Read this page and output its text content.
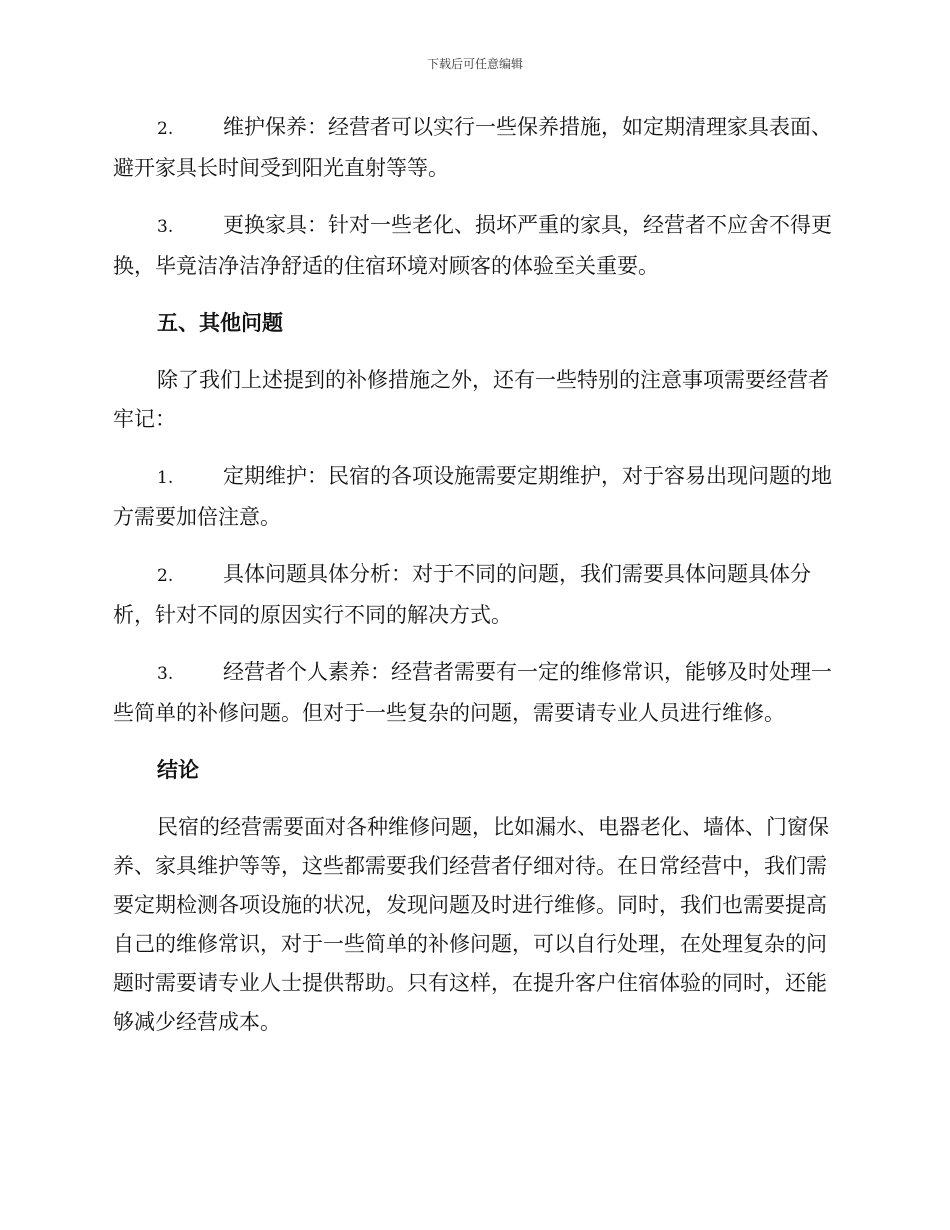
下载后可任意编辑

2. 维护保养：经营者可以实行一些保养措施，如定期清理家具表面、避开家具长时间受到阳光直射等等。

3. 更换家具：针对一些老化、损坏严重的家具，经营者不应舍不得更换，毕竟洁净洁净舒适的住宿环境对顾客的体验至关重要。

五、其他问题

除了我们上述提到的补修措施之外，还有一些特别的注意事项需要经营者牢记：

1. 定期维护：民宿的各项设施需要定期维护，对于容易出现问题的地方需要加倍注意。

2. 具体问题具体分析：对于不同的问题，我们需要具体问题具体分析，针对不同的原因实行不同的解决方式。

3. 经营者个人素养：经营者需要有一定的维修常识，能够及时处理一些简单的补修问题。但对于一些复杂的问题，需要请专业人员进行维修。

结论

民宿的经营需要面对各种维修问题，比如漏水、电器老化、墙体、门窗保养、家具维护等等，这些都需要我们经营者仔细对待。在日常经营中，我们需要定期检测各项设施的状况，发现问题及时进行维修。同时，我们也需要提高自己的维修常识，对于一些简单的补修问题，可以自行处理，在处理复杂的问题时需要请专业人士提供帮助。只有这样，在提升客户住宿体验的同时，还能够减少经营成本。
